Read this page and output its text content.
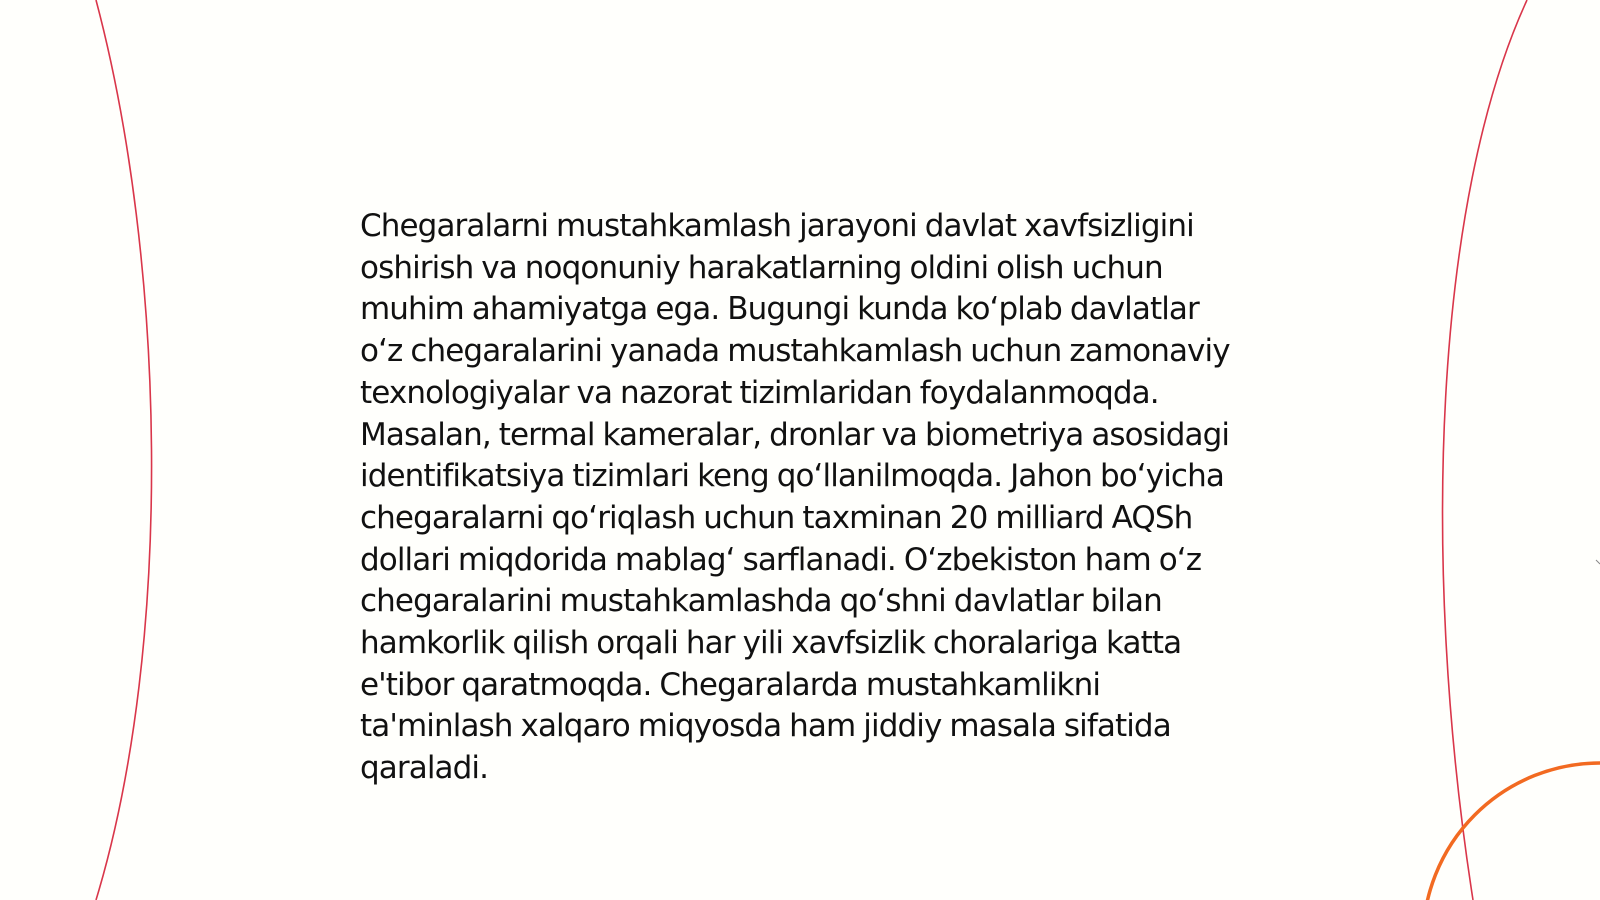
Chegaralarni mustahkamlash jarayoni davlat xavfsizligini oshirish va noqonuniy harakatlarning oldini olish uchun muhim ahamiyatga ega. Bugungi kunda koʻplab davlatlar oʻz chegaralarini yanada mustahkamlash uchun zamonaviy texnologiyalar va nazorat tizimlaridan foydalanmoqda. Masalan, termal kameralar, dronlar va biometriya asosidagi identifikatsiya tizimlari keng qoʻllanilmoqda. Jahon boʻyicha chegaralarni qoʻriqlash uchun taxminan 20 milliard AQSh dollari miqdorida mablagʻ sarflanadi. Oʻzbekiston ham oʻz chegaralarini mustahkamlashda qoʻshni davlatlar bilan hamkorlik qilish orqali har yili xavfsizlik choralariga katta e'tibor qaratmoqda. Chegaralarda mustahkamlikni ta'minlash xalqaro miqyosda ham jiddiy masala sifatida qaraladi.
